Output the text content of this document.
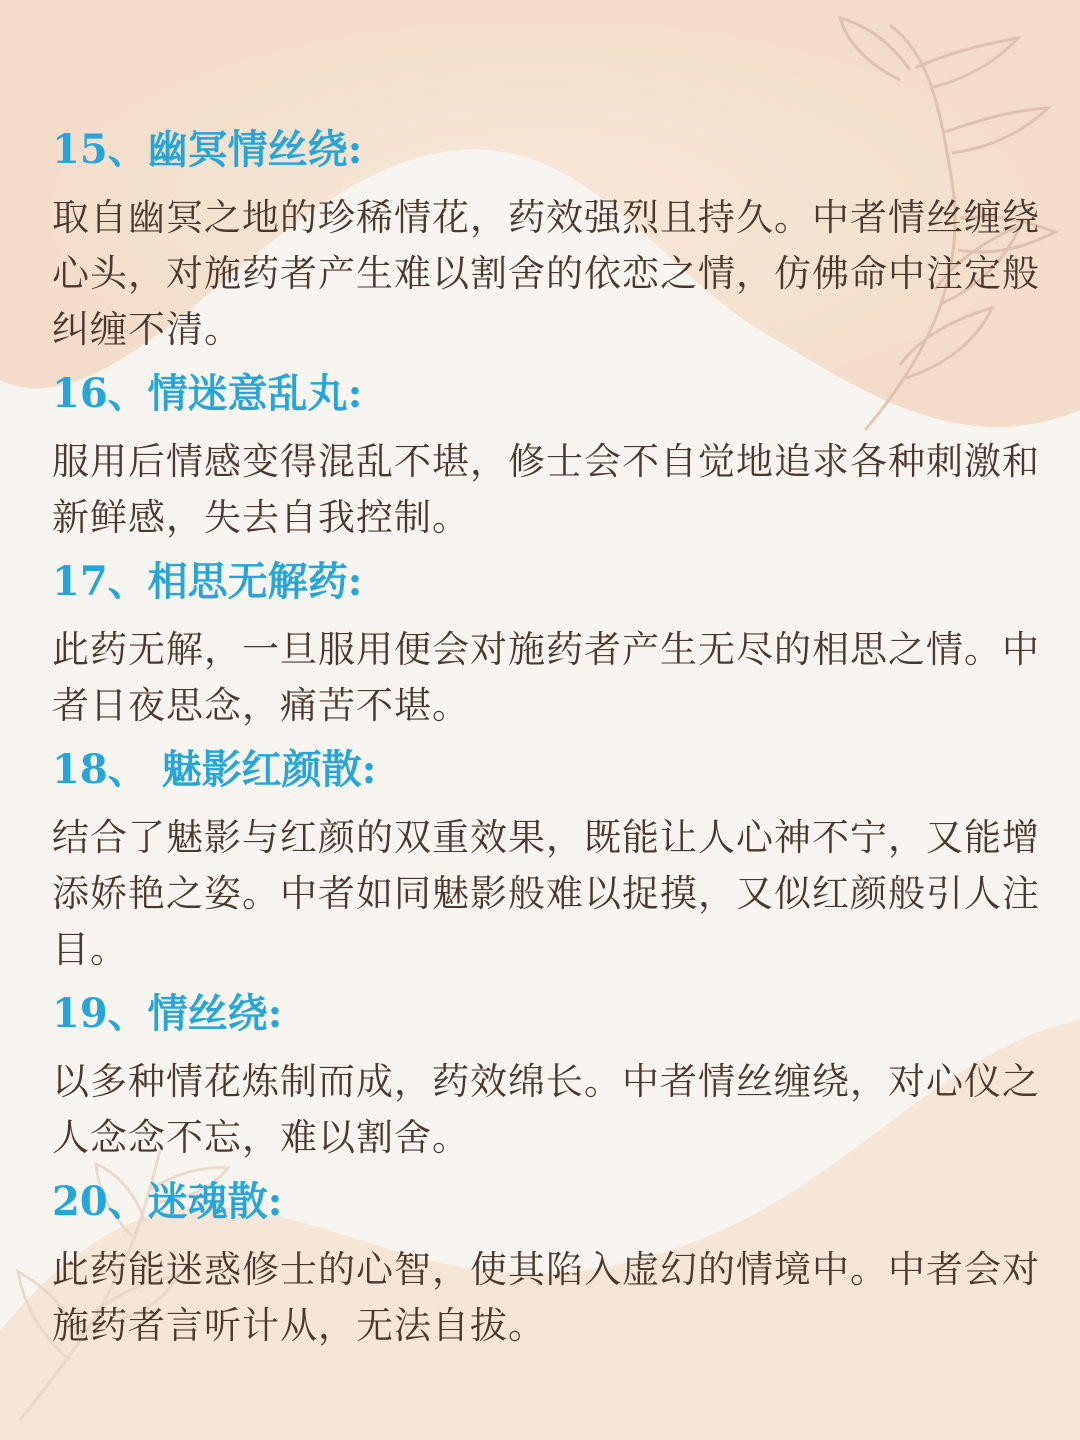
15、幽冥情丝绕:
取自幽冥之地的珍稀情花，药效强烈且持久。中者情丝缠绕心头，对施药者产生难以割舍的依恋之情，仿佛命中注定般纠缠不清。
16、情迷意乱丸:
服用后情感变得混乱不堪，修士会不自觉地追求各种刺激和新鲜感，失去自我控制。
17、相思无解药:
此药无解，一旦服用便会对施药者产生无尽的相思之情。中者日夜思念，痛苦不堪。
18、 魅影红颜散:
结合了魅影与红颜的双重效果，既能让人心神不宁，又能增添娇艳之姿。中者如同魅影般难以捉摸，又似红颜般引人注目。
19、情丝绕:
以多种情花炼制而成，药效绵长。中者情丝缠绕，对心仪之人念念不忘，难以割舍。
20、迷魂散:
此药能迷惑修士的心智，使其陷入虚幻的情境中。中者会对施药者言听计从，无法自拔。
